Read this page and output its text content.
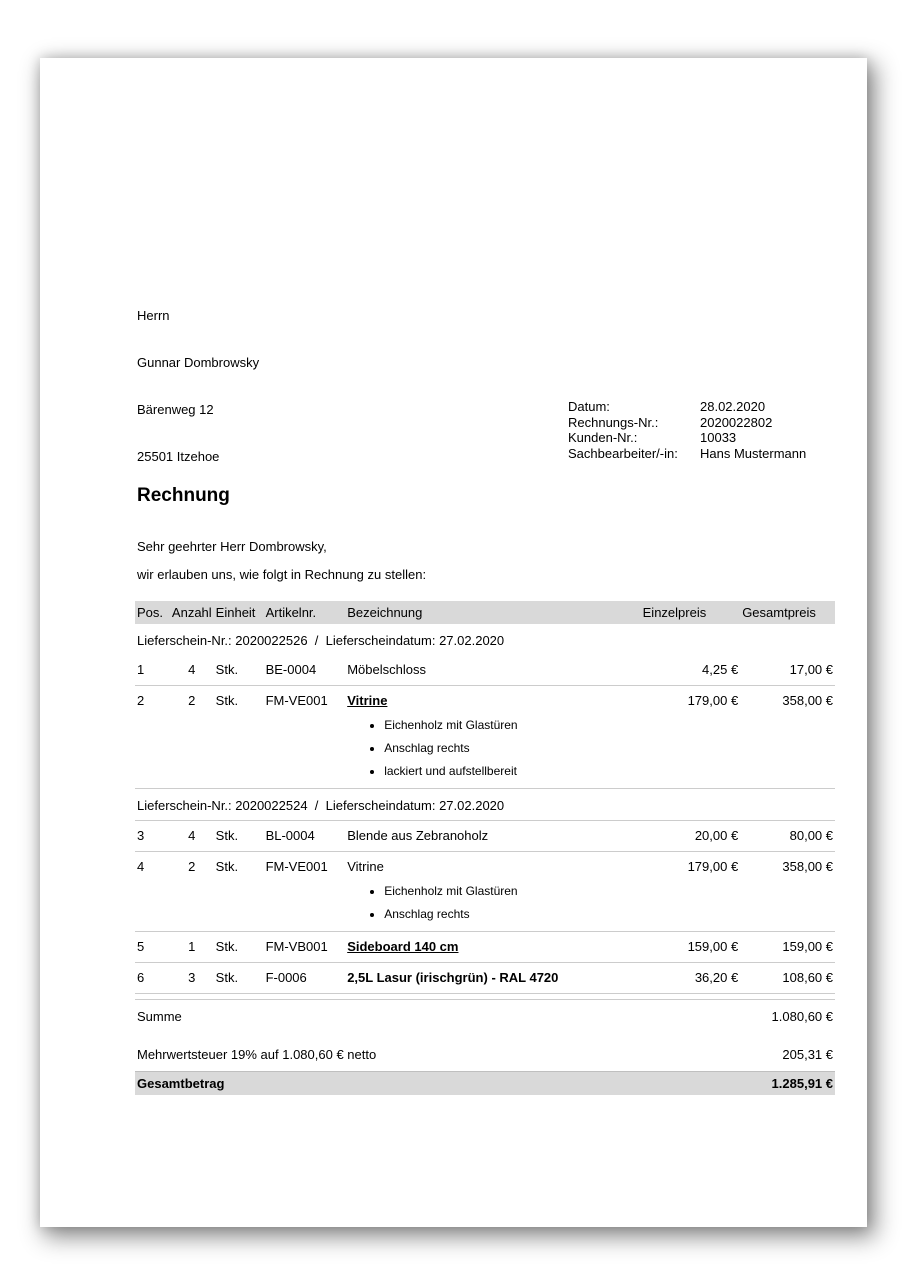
Herrn

Gunnar Dombrowsky

Bärenweg 12

25501 Itzehoe

Datum:	28.02.2020
Rechnungs-Nr.:	2020022802
Kunden-Nr.:	10033
Sachbearbeiter/-in:	Hans Mustermann
Rechnung
Sehr geehrter Herr Dombrowsky,
wir erlauben uns, wie folgt in Rechnung zu stellen:
Pos.	Anzahl	Einheit	Artikelnr.	Bezeichnung	Einzelpreis	Gesamtpreis
Lieferschein-Nr.: 2020022526  /  Lieferscheindatum: 27.02.2020						
1	4	Stk.	BE-0004	Möbelschloss	4,25 €	17,00 €
2	2	Stk.	FM-VE001	Vitrine
• Eichenholz mit Glastüren
• Anschlag rechts
• lackiert und aufstellbereit
	179,00 €	358,00 €
Lieferschein-Nr.: 2020022524  /  Lieferscheindatum: 27.02.2020						
3	4	Stk.	BL-0004	Blende aus Zebranoholz	20,00 €	80,00 €
4	2	Stk.	FM-VE001	Vitrine
• Eichenholz mit Glastüren
• Anschlag rechts
	179,00 €	358,00 €
5	1	Stk.	FM-VB001	Sideboard 140 cm	159,00 €	159,00 €
6	3	Stk.	F-0006	2,5L Lasur (irischgrün) - RAL 4720	36,20 €	108,60 €
Summe	1.080,60 €
Mehrwertsteuer 19% auf 1.080,60 € netto	205,31 €
Gesamtbetrag	1.285,91 €
